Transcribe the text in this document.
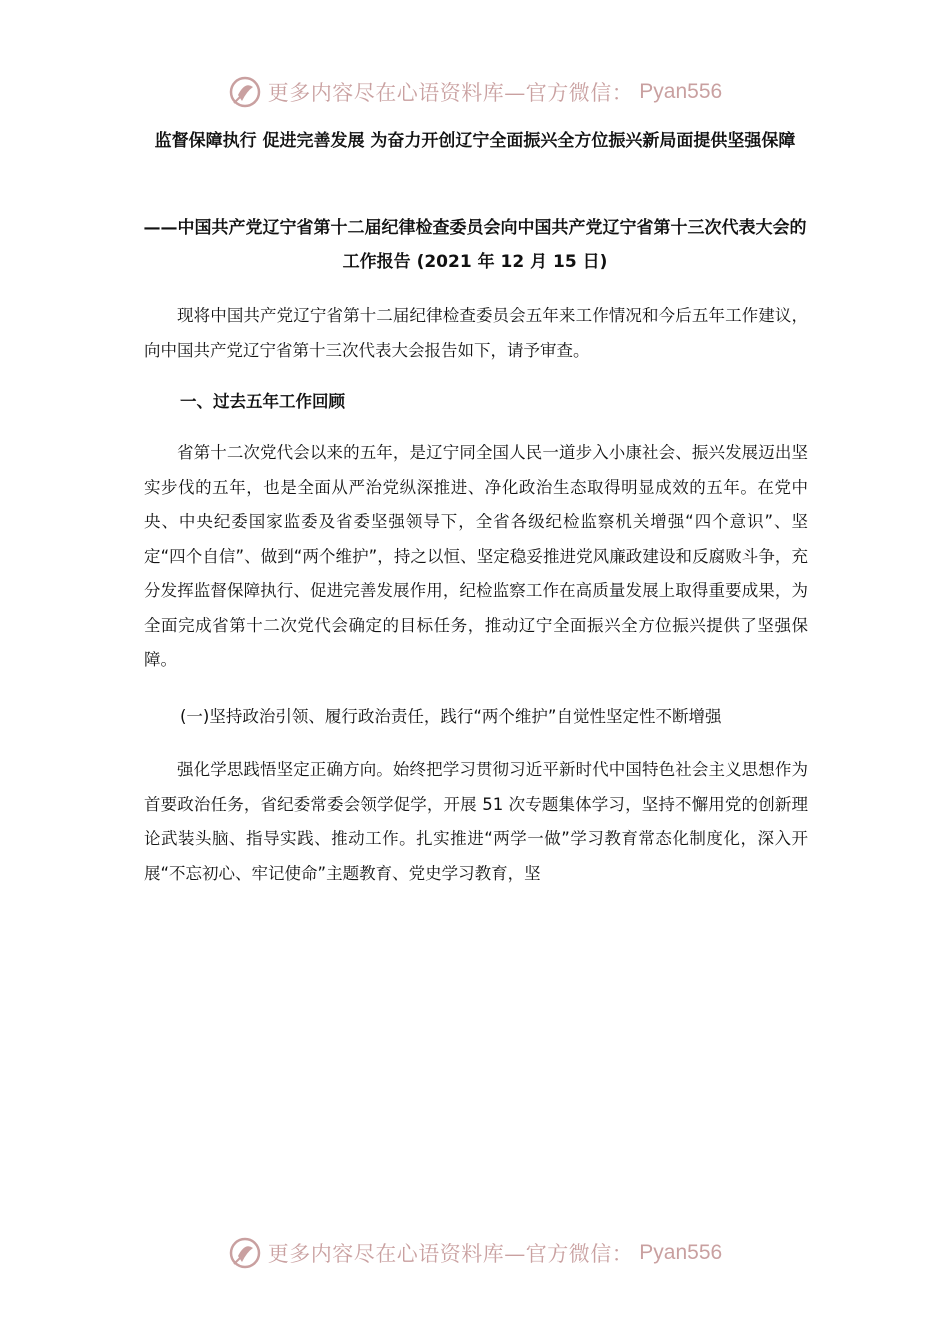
更多内容尽在心语资料库—官方微信： Pyan556
监督保障执行 促进完善发展 为奋力开创辽宁全面振兴全方位振兴新局面提供坚强保障
——中国共产党辽宁省第十二届纪律检查委员会向中国共产党辽宁省第十三次代表大会的工作报告 (2021 年 12 月 15 日)

现将中国共产党辽宁省第十二届纪律检查委员会五年来工作情况和今后五年工作建议，向中国共产党辽宁省第十三次代表大会报告如下，请予审查。

一、过去五年工作回顾

省第十二次党代会以来的五年，是辽宁同全国人民一道步入小康社会、振兴发展迈出坚实步伐的五年，也是全面从严治党纵深推进、净化政治生态取得明显成效的五年。在党中央、中央纪委国家监委及省委坚强领导下，全省各级纪检监察机关增强“四个意识”、坚定“四个自信”、做到“两个维护”，持之以恒、坚定稳妥推进党风廉政建设和反腐败斗争，充分发挥监督保障执行、促进完善发展作用，纪检监察工作在高质量发展上取得重要成果，为全面完成省第十二次党代会确定的目标任务，推动辽宁全面振兴全方位振兴提供了坚强保障。

(一)坚持政治引领、履行政治责任，践行“两个维护”自觉性坚定性不断增强

强化学思践悟坚定正确方向。始终把学习贯彻习近平新时代中国特色社会主义思想作为首要政治任务，省纪委常委会领学促学，开展 51 次专题集体学习，坚持不懈用党的创新理论武装头脑、指导实践、推动工作。扎实推进“两学一做”学习教育常态化制度化，深入开展“不忘初心、牢记使命”主题教育、党史学习教育，坚

更多内容尽在心语资料库—官方微信： Pyan556
